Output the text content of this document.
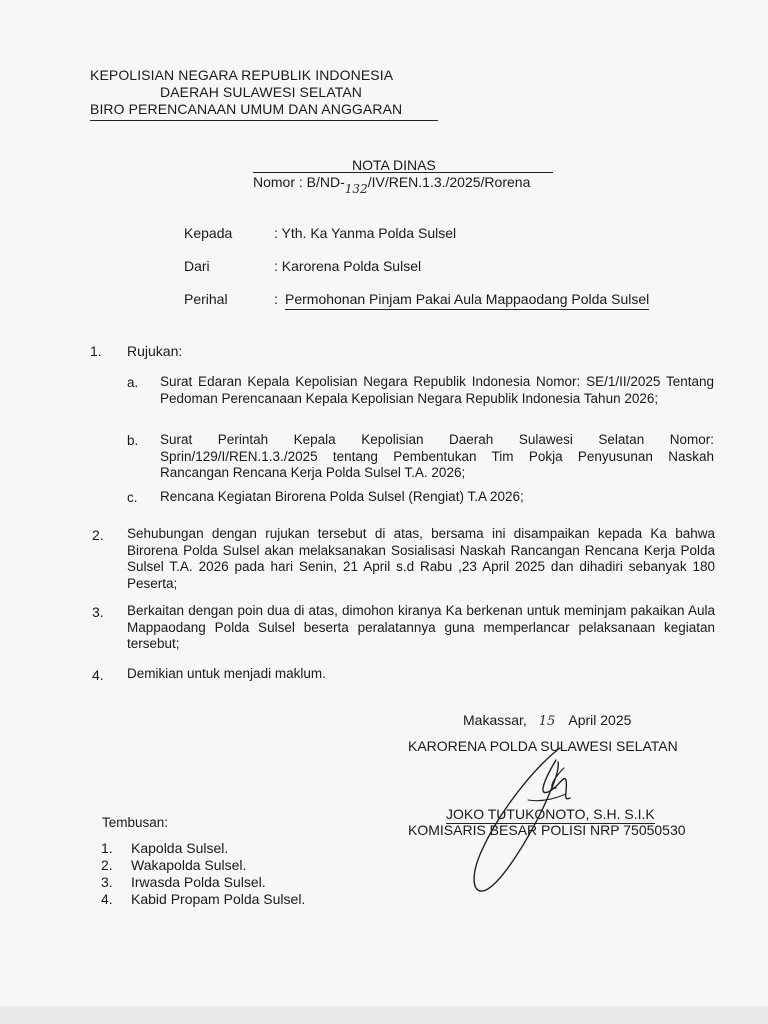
KEPOLISIAN NEGARA REPUBLIK INDONESIA
DAERAH SULAWESI SELATAN
BIRO PERENCANAAN UMUM DAN ANGGARAN
NOTA DINAS
Nomor : B/ND-132/IV/REN.1.3./2025/Rorena
Kepada	: Yth. Ka Yanma Polda Sulsel
Dari	: Karorena Polda Sulsel
Perihal	: Permohonan Pinjam Pakai Aula Mappaodang Polda Sulsel
1. Rujukan:
a. Surat Edaran Kepala Kepolisian Negara Republik Indonesia Nomor: SE/1/II/2025 Tentang Pedoman Perencanaan Kepala Kepolisian Negara Republik Indonesia Tahun 2026;
b. Surat Perintah Kepala Kepolisian Daerah Sulawesi Selatan Nomor: Sprin/129/I/REN.1.3./2025 tentang Pembentukan Tim Pokja Penyusunan Naskah Rancangan Rencana Kerja Polda Sulsel T.A. 2026;
c. Rencana Kegiatan Birorena Polda Sulsel (Rengiat) T.A 2026;
2. Sehubungan dengan rujukan tersebut di atas, bersama ini disampaikan kepada Ka bahwa Birorena Polda Sulsel akan melaksanakan Sosialisasi Naskah Rancangan Rencana Kerja Polda Sulsel T.A. 2026 pada hari Senin, 21 April s.d Rabu ,23 April 2025 dan dihadiri sebanyak 180 Peserta;
3. Berkaitan dengan poin dua di atas, dimohon kiranya Ka berkenan untuk meminjam pakaikan Aula Mappaodang Polda Sulsel beserta peralatannya guna memperlancar pelaksanaan kegiatan tersebut;
4. Demikian untuk menjadi maklum.
Makassar, 15 April 2025
KARORENA POLDA SULAWESI SELATAN
JOKO TUTUKONOTO, S.H. S.I.K
KOMISARIS BESAR POLISI NRP 75050530
Tembusan:
1. Kapolda Sulsel.
2. Wakapolda Sulsel.
3. Irwasda Polda Sulsel.
4. Kabid Propam Polda Sulsel.
